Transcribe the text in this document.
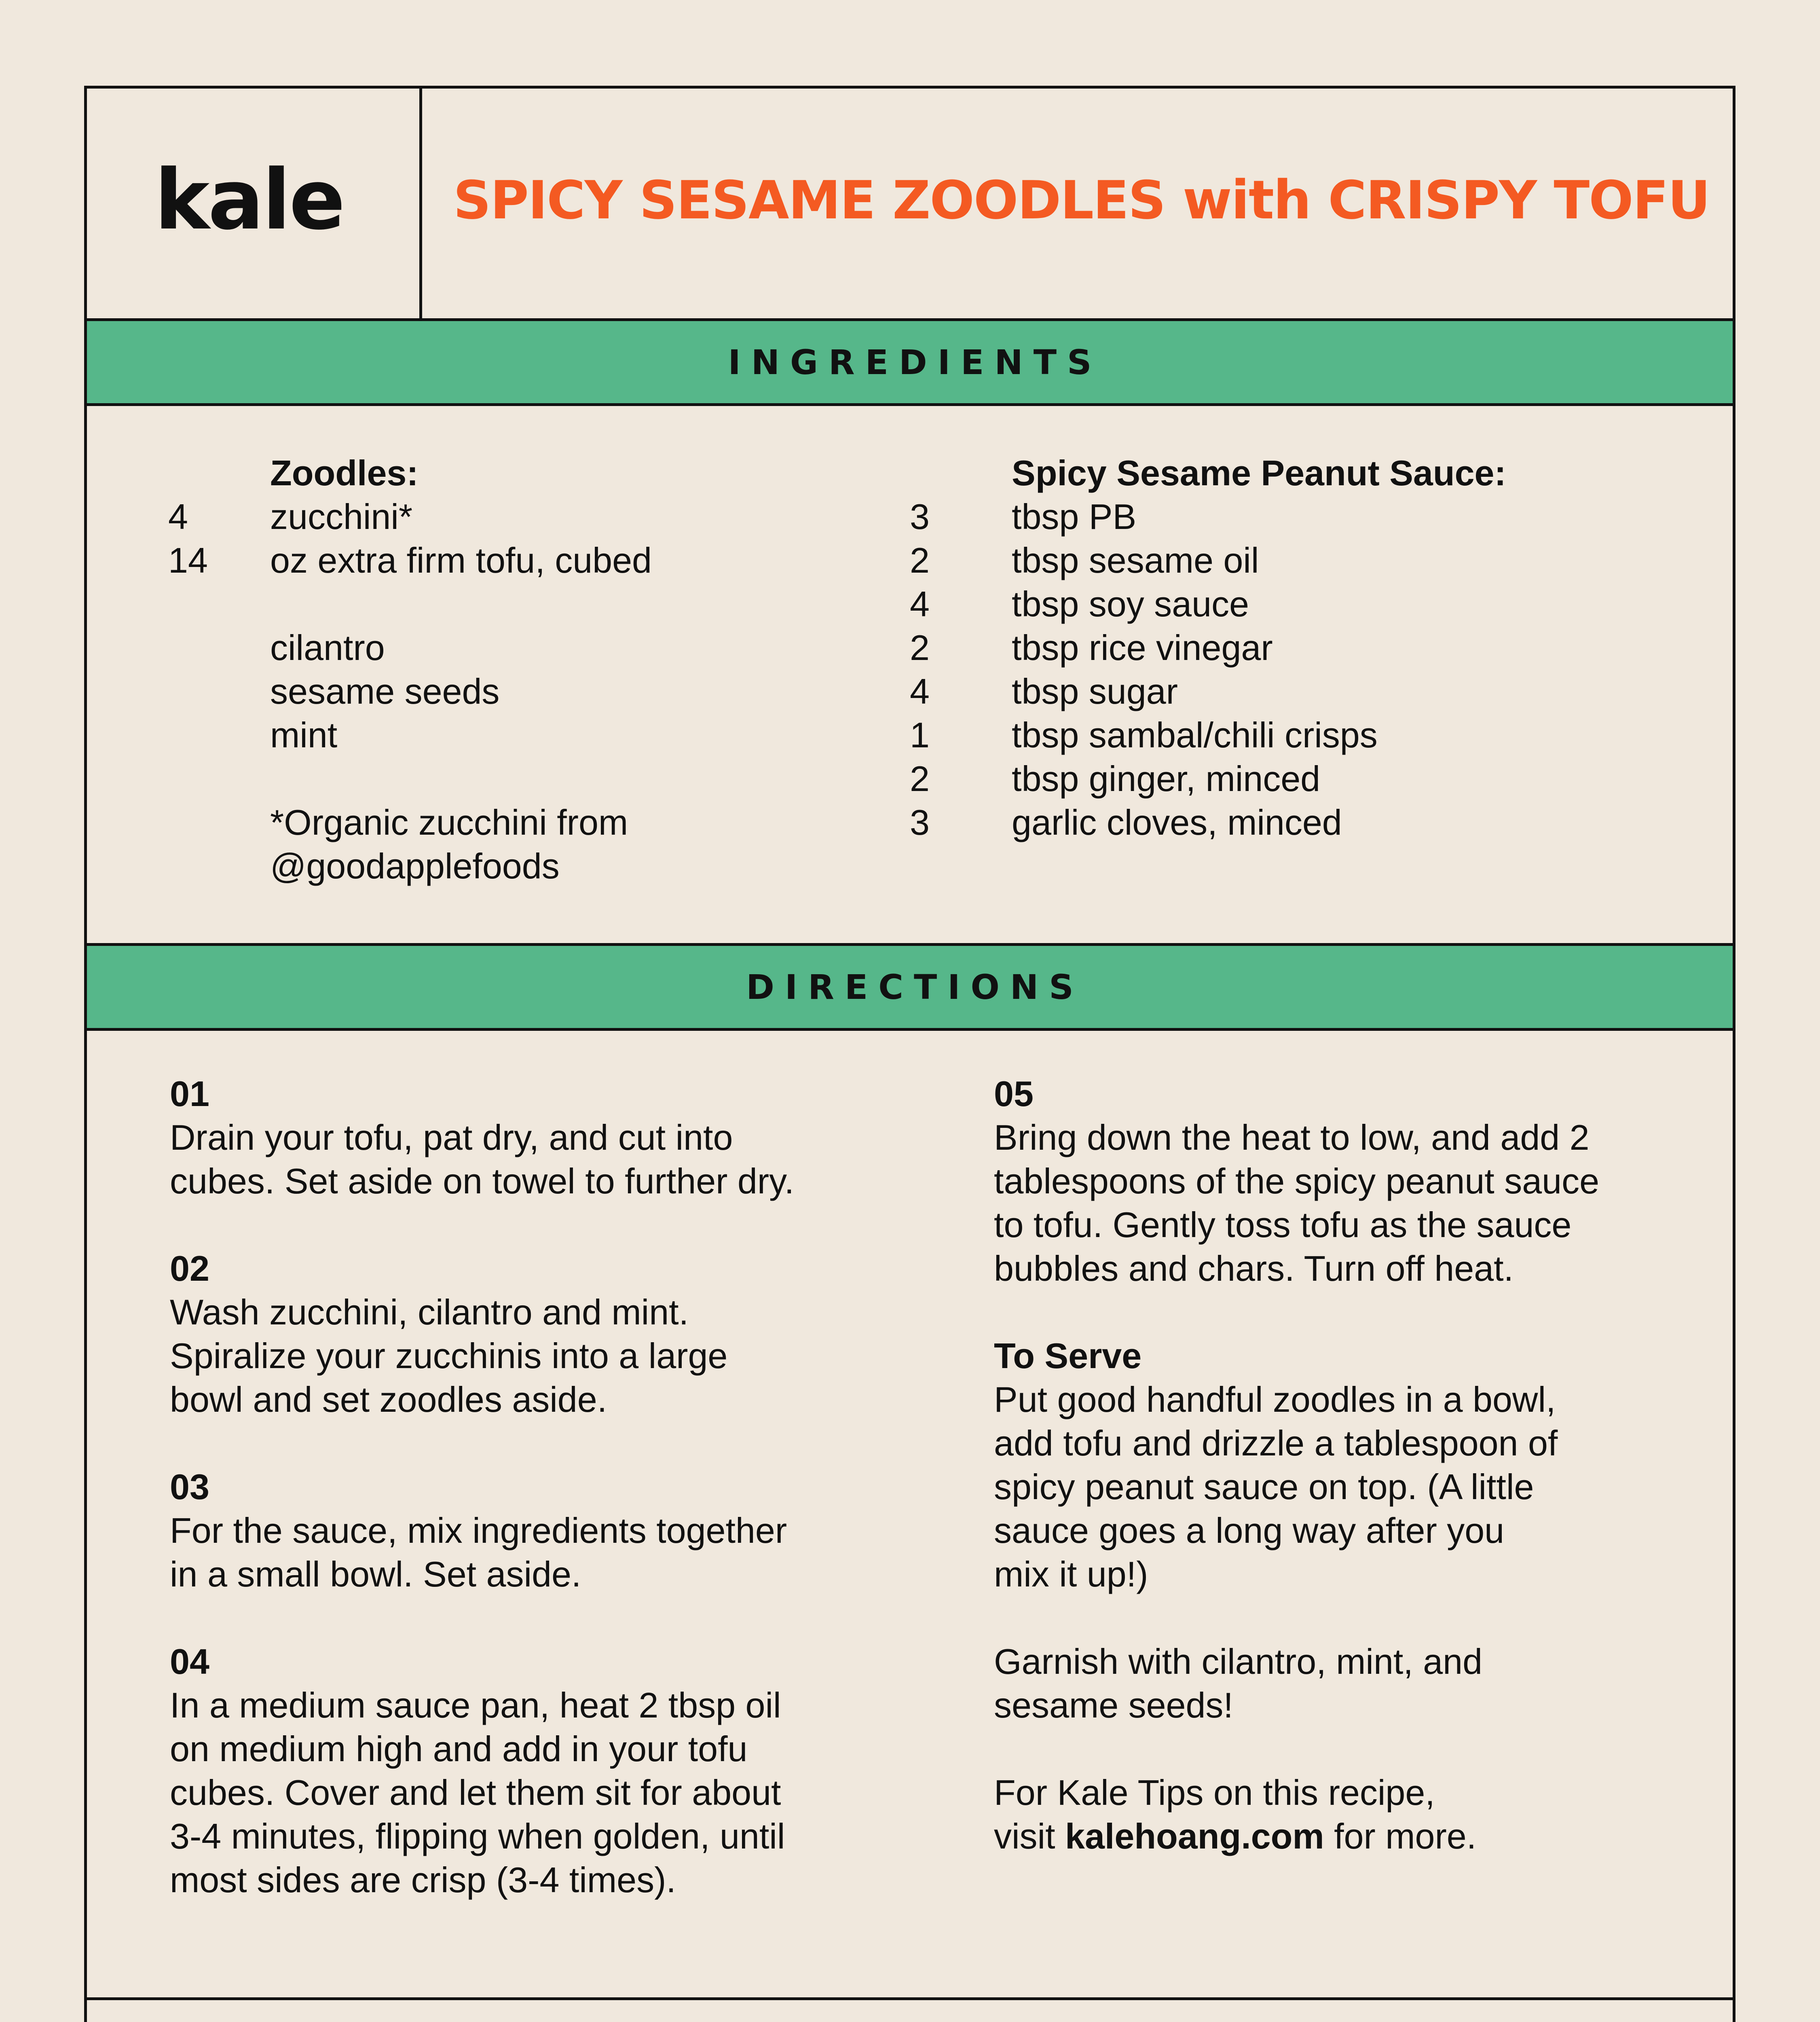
kale SPICY SESAME ZOODLES with CRISPY TOFU
INGREDIENTS
Zoodles:
4	zucchini*
14	oz extra firm tofu, cubed
cilantro
sesame seeds
mint
*Organic zucchini from
@goodapplefoods
Spicy Sesame Peanut Sauce:
3	tbsp PB
2	tbsp sesame oil
4	tbsp soy sauce
2	tbsp rice vinegar
4	tbsp sugar
1	tbsp sambal/chili crisps
2	tbsp ginger, minced
3	garlic cloves, minced
DIRECTIONS
01

Drain your tofu, pat dry, and cut into

cubes. Set aside on towel to further dry.

02

Wash zucchini, cilantro and mint.

Spiralize your zucchinis into a large

bowl and set zoodles aside.

03

For the sauce, mix ingredients together

in a small bowl. Set aside.

04

In a medium sauce pan, heat 2 tbsp oil

on medium high and add in your tofu

cubes. Cover and let them sit for about

3-4 minutes, flipping when golden, until

most sides are crisp (3-4 times).

05

Bring down the heat to low, and add 2

tablespoons of the spicy peanut sauce

to tofu. Gently toss tofu as the sauce

bubbles and chars. Turn off heat.

To Serve

Put good handful zoodles in a bowl,

add tofu and drizzle a tablespoon of

spicy peanut sauce on top. (A little

sauce goes a long way after you

mix it up!)

Garnish with cilantro, mint, and

sesame seeds!

For Kale Tips on this recipe,

visit kalehoang.com for more.
